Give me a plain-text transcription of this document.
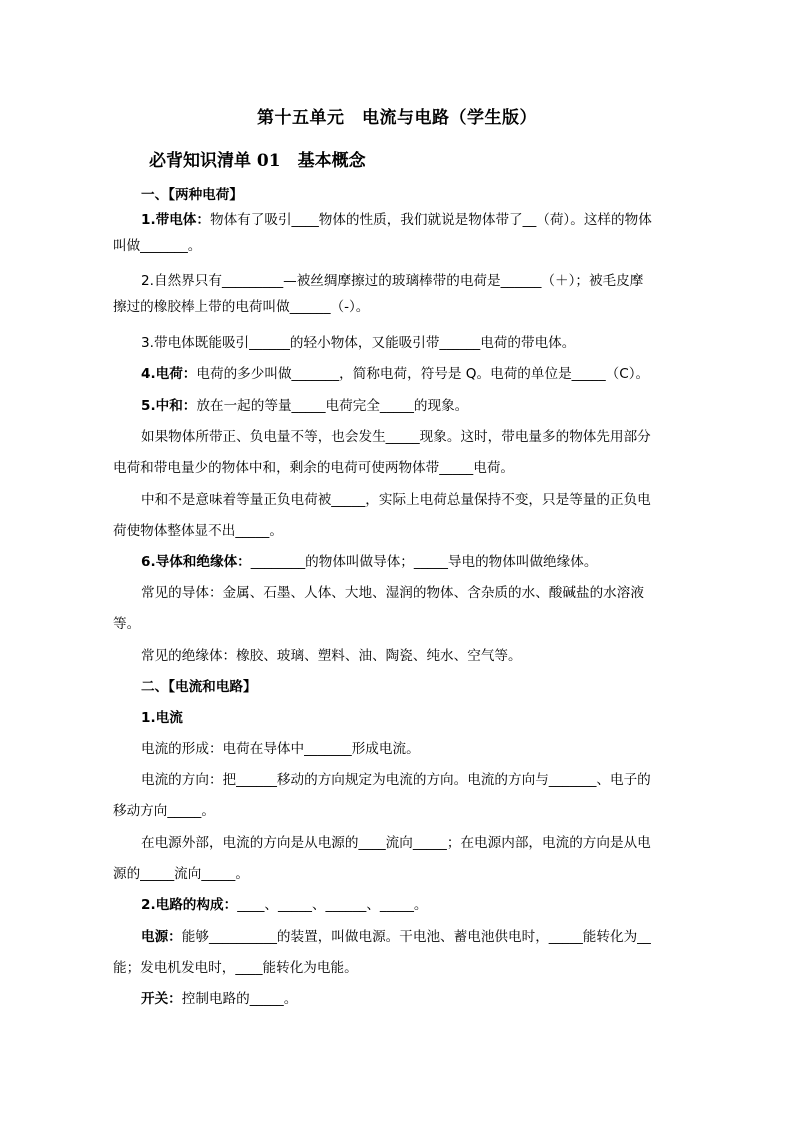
第十五单元　电流与电路（学生版）
必背知识清单 01　基本概念
一、【两种电荷】
1.带电体：物体有了吸引____物体的性质，我们就说是物体带了__（荷）。这样的物体
叫做_______。
2.自然界只有_________—被丝绸摩擦过的玻璃棒带的电荷是______（＋）；被毛皮摩
擦过的橡胶棒上带的电荷叫做______（-）。
3.带电体既能吸引______的轻小物体，又能吸引带______电荷的带电体。
4.电荷：电荷的多少叫做_______，简称电荷，符号是 Q。电荷的单位是_____（C）。
5.中和：放在一起的等量_____电荷完全_____的现象。
如果物体所带正、负电量不等，也会发生_____现象。这时，带电量多的物体先用部分
电荷和带电量少的物体中和，剩余的电荷可使两物体带_____电荷。
中和不是意味着等量正负电荷被_____，实际上电荷总量保持不变，只是等量的正负电
荷使物体整体显不出_____。
6.导体和绝缘体：________的物体叫做导体；_____导电的物体叫做绝缘体。
常见的导体：金属、石墨、人体、大地、湿润的物体、含杂质的水、酸碱盐的水溶液
等。
常见的绝缘体：橡胶、玻璃、塑料、油、陶瓷、纯水、空气等。
二、【电流和电路】
1.电流
电流的形成：电荷在导体中_______形成电流。
电流的方向：把______移动的方向规定为电流的方向。电流的方向与_______、电子的
移动方向_____。
在电源外部，电流的方向是从电源的____流向_____；在电源内部，电流的方向是从电
源的_____流向_____。
2.电路的构成：____、_____、______、_____。
电源：能够__________的装置，叫做电源。干电池、蓄电池供电时，_____能转化为__
能；发电机发电时，____能转化为电能。
开关：控制电路的_____。
